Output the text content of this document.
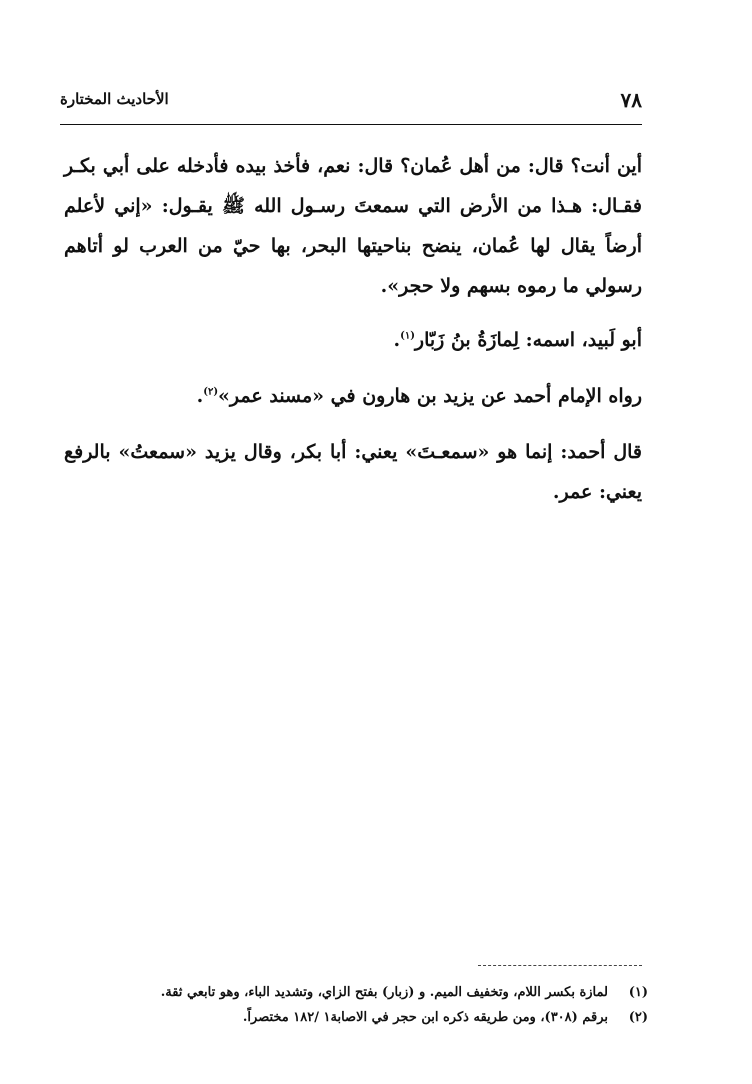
٧٨
الأحاديث المختارة

أين أنت؟ قال: من أهل عُمان؟ قال: نعم، فأخذ بيده فأدخله على أبي بكـر فقـال: هـذا من الأرض التي سمعتَ رسـول الله ﷺ يقـول: «إني لأعلم أرضاً يقال لها عُمان، ينضح بناحيتها البحر، بها حيّ من العرب لو أتاهم رسولي ما رموه بسهم ولا حجر».

أبو لَبيد، اسمه: لِمازَةُ بنُ زَبّار$^{(١)}$.

رواه الإمام أحمد عن يزيد بن هارون في «مسند عمر»$^{(٢)}$.

قال أحمد: إنما هو «سمعـتَ» يعني: أبا بكر، وقال يزيد «سمعتُ» بالرفع يعني: عمر.

(١)
لمازة بكسر اللام، وتخفيف الميم. و (زبار) بفتح الزاي، وتشديد الباء، وهو تابعي ثقة.
(٢)
برقم (٣٠٨)، ومن طريقه ذكره ابن حجر في الاصابة١ /١٨٢ مختصراً.
